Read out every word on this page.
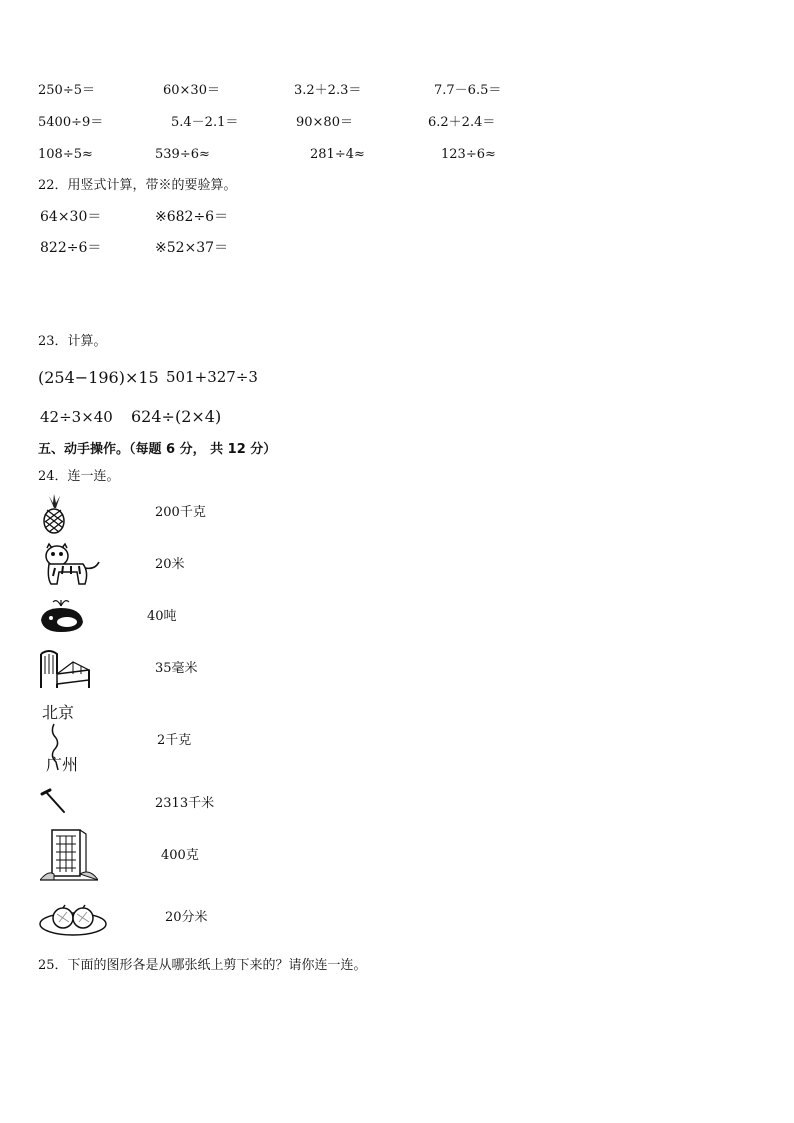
250÷5＝	60×30＝	3.2＋2.3＝	7.7－6.5＝
5400÷9＝	5.4－2.1＝	90×80＝	6.2＋2.4＝
108÷5≈	539÷6≈	281÷4≈	123÷6≈
22．用竖式计算，带※的要验算。
64×30＝	※682÷6＝
822÷6＝	※52×37＝
23．计算。
(254−196)×15 501+327÷3
42÷3×40 624÷(2×4)
五、动手操作。（每题 6 分， 共 12 分）
24．连一连。
北京
广州
200千克
20米
40吨
35毫米
2千克
2313千米
400克
20分米
25．下面的图形各是从哪张纸上剪下来的？请你连一连。
